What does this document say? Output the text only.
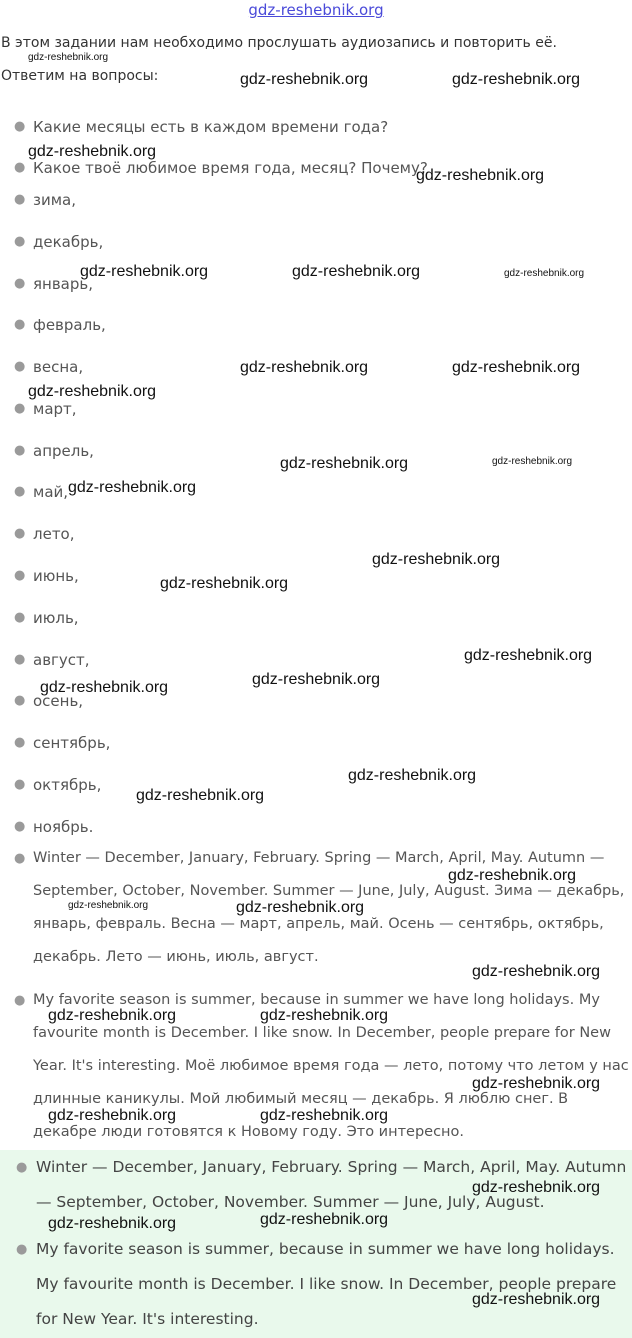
gdz-reshebnik.org

В этом задании нам необходимо прослушать аудиозапись и повторить её.

Ответим на вопросы:

● Какие месяцы есть в каждом времени года?
● Какое твоё любимое время года, месяц? Почему?
● зима,
● декабрь,
● январь,
● февраль,
● весна,
● март,
● апрель,
● май,
● лето,
● июнь,
● июль,
● август,
● осень,
● сентябрь,
● октябрь,
● ноябрь.
● Winter — December, January, February. Spring — March, April, May. Autumn — September, October, November. Summer — June, July, August. Зима — декабрь, январь, февраль. Весна — март, апрель, май. Осень — сентябрь, октябрь, декабрь. Лето — июнь, июль, август.
● My favorite season is summer, because in summer we have long holidays. My favourite month is December. I like snow. In December, people prepare for New Year. It's interesting. Моё любимое время года — лето, потому что летом у нас длинные каникулы. Мой любимый месяц — декабрь. Я люблю снег. В декабре люди готовятся к Новому году. Это интересно.
● Winter — December, January, February. Spring — March, April, May. Autumn — September, October, November. Summer — June, July, August.
● My favorite season is summer, because in summer we have long holidays. My favourite month is December. I like snow. In December, people prepare for New Year. It's interesting.
gdz-reshebnik.org
gdz-reshebnik.org	gdz-reshebnik.org
gdz-reshebnik.org
gdz-reshebnik.org
gdz-reshebnik.org	gdz-reshebnik.org	gdz-reshebnik.org
gdz-reshebnik.org	gdz-reshebnik.org
gdz-reshebnik.org
gdz-reshebnik.org	gdz-reshebnik.org
gdz-reshebnik.org
gdz-reshebnik.org
gdz-reshebnik.org
gdz-reshebnik.org
gdz-reshebnik.org
gdz-reshebnik.org
gdz-reshebnik.org
gdz-reshebnik.org
gdz-reshebnik.org
gdz-reshebnik.org	gdz-reshebnik.org
gdz-reshebnik.org
gdz-reshebnik.org	gdz-reshebnik.org
gdz-reshebnik.org
gdz-reshebnik.org	gdz-reshebnik.org
gdz-reshebnik.org
gdz-reshebnik.org	gdz-reshebnik.org
gdz-reshebnik.org
